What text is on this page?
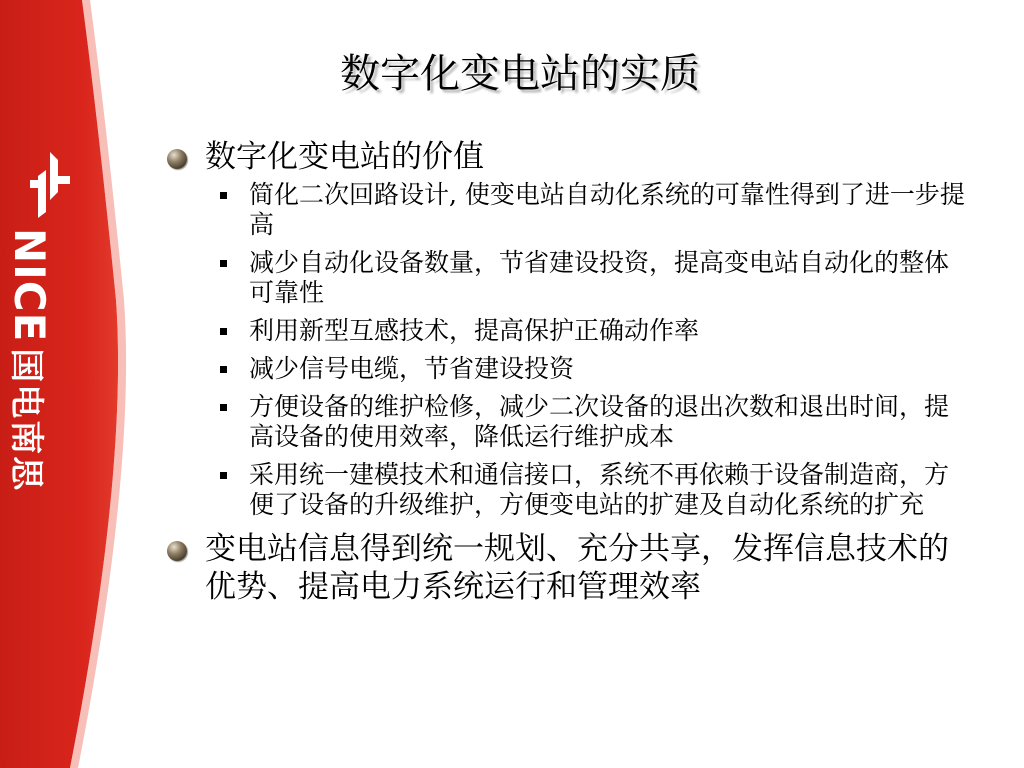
NICE国电南思
数字化变电站的实质
数字化变电站的价值
简化二次回路设计, 使变电站自动化系统的可靠性得到了进一步提高
减少自动化设备数量，节省建设投资，提高变电站自动化的整体可靠性
利用新型互感技术，提高保护正确动作率
减少信号电缆，节省建设投资
方便设备的维护检修，减少二次设备的退出次数和退出时间，提高设备的使用效率，降低运行维护成本
采用统一建模技术和通信接口，系统不再依赖于设备制造商，方便了设备的升级维护，方便变电站的扩建及自动化系统的扩充
变电站信息得到统一规划、充分共享，发挥信息技术的优势、提高电力系统运行和管理效率
